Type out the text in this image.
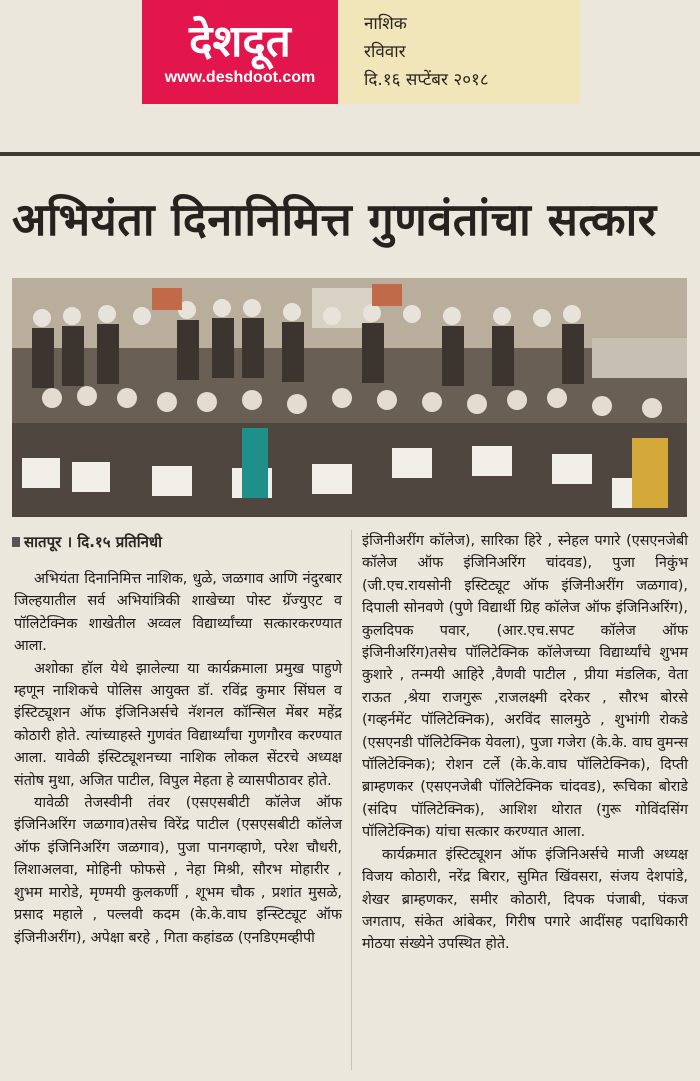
देशदूत
www.deshdoot.com
नाशिक
रविवार
दि.१६ सप्टेंबर २०१८
अभियंता दिनानिमित्त गुणवंतांचा सत्कार
सातपूर । दि.१५ प्रतिनिधी

अभियंता दिनानिमित्त नाशिक, धुळे, जळगाव आणि नंदुरबार जिल्हयातील सर्व अभियांत्रिकी शाखेच्या पोस्ट ग्रॅज्युएट व पॉलिटेक्निक शाखेतील अव्वल विद्यार्थ्यांच्या सत्कारकरण्यात आला.

अशोका हॉल येथे झालेल्या या कार्यक्रमाला प्रमुख पाहुणे म्हणून नाशिकचे पोलिस आयुक्त डॉ. रविंद्र कुमार सिंघल व इंस्टिट्यूशन ऑफ इंजिनिअर्सचे नॅशनल कॉन्सिल मेंबर महेंद्र कोठारी होते. त्यांच्याहस्ते गुणवंत विद्यार्थ्यांचा गुणगौरव करण्यात आला. यावेळी इंस्टिट्यूशनच्या नाशिक लोकल सेंटरचे अध्यक्ष संतोष मुथा, अजित पाटील, विपुल मेहता हे व्यासपीठावर होते.

यावेळी तेजस्वीनी तंवर (एसएसबीटी कॉलेज ऑफ इंजिनिअरिंग जळगाव)तसेच विरेंद्र पाटील (एसएसबीटी कॉलेज ऑफ इंजिनिअरिंग जळगाव), पुजा पानगव्हाणे, परेश चौधरी, लिशाअलवा, मोहिनी फोफसे , नेहा मिश्री, सौरभ मोहारीर , शुभम मारोडे, मृण्मयी कुलकर्णी , शूभम चौक , प्रशांत मुसळे, प्रसाद महाले , पल्लवी कदम (के.के.वाघ इन्स्टिट्यूट ऑफ इंजिनीअरींग), अपेक्षा बरहे , गिता कहांडळ (एनडिएमव्हीपी

इंजिनीअरींग कॉलेज), सारिका हिरे , स्नेहल पगारे (एसएनजेबी कॉलेज ऑफ इंजिनिअरिंग चांदवड), पुजा निकुंभ (जी.एच.रायसोनी इस्टिट्यूट ऑफ इंजिनीअरींग जळगाव), दिपाली सोनवणे (पुणे विद्यार्थी ग्रिह कॉलेज ऑफ इंजिनिअरिंग), कुलदिपक पवार, (आर.एच.सपट कॉलेज ऑफ इंजिनीअरिंग)तसेच पॉलिटेक्निक कॉलेजच्या विद्यार्थ्यांचे शुभम कुशारे , तन्मयी आहिरे ,वैणवी पाटील , प्रीया मंडलिक, वेता राऊत ,श्रेया राजगुरू ,राजलक्ष्मी दरेकर , सौरभ बोरसे (गव्हर्नमेंट पॉलिटेक्निक), अरविंद सालमुठे , शुभांगी रोकडे (एसएनडी पॉलिटेक्निक येवला), पुजा गजेरा (के.के. वाघ वुमन्स पॉलिटेक्निक); रोशन टर्ले (के.के.वाघ पॉलिटेक्निक), दिप्ती ब्राम्हणकर (एसएनजेबी पॉलिटेक्निक चांदवड), रूचिका बोराडे (संदिप पॉलिटेक्निक), आशिश थोरात (गुरू गोविंदसिंग पॉलिटेक्निक) यांचा सत्कार करण्यात आला.

कार्यक्रमात इंस्टिट्यूशन ऑफ इंजिनिअर्सचे माजी अध्यक्ष विजय कोठारी, नरेंद्र बिरार, सुमित खिंवसरा, संजय देशपांडे, शेखर ब्राम्हणकर, समीर कोठारी, दिपक पंजाबी, पंकज जगताप, संकेत आंबेकर, गिरीष पगारे आदींसह पदाधिकारी मोठया संख्येने उपस्थित होते.
